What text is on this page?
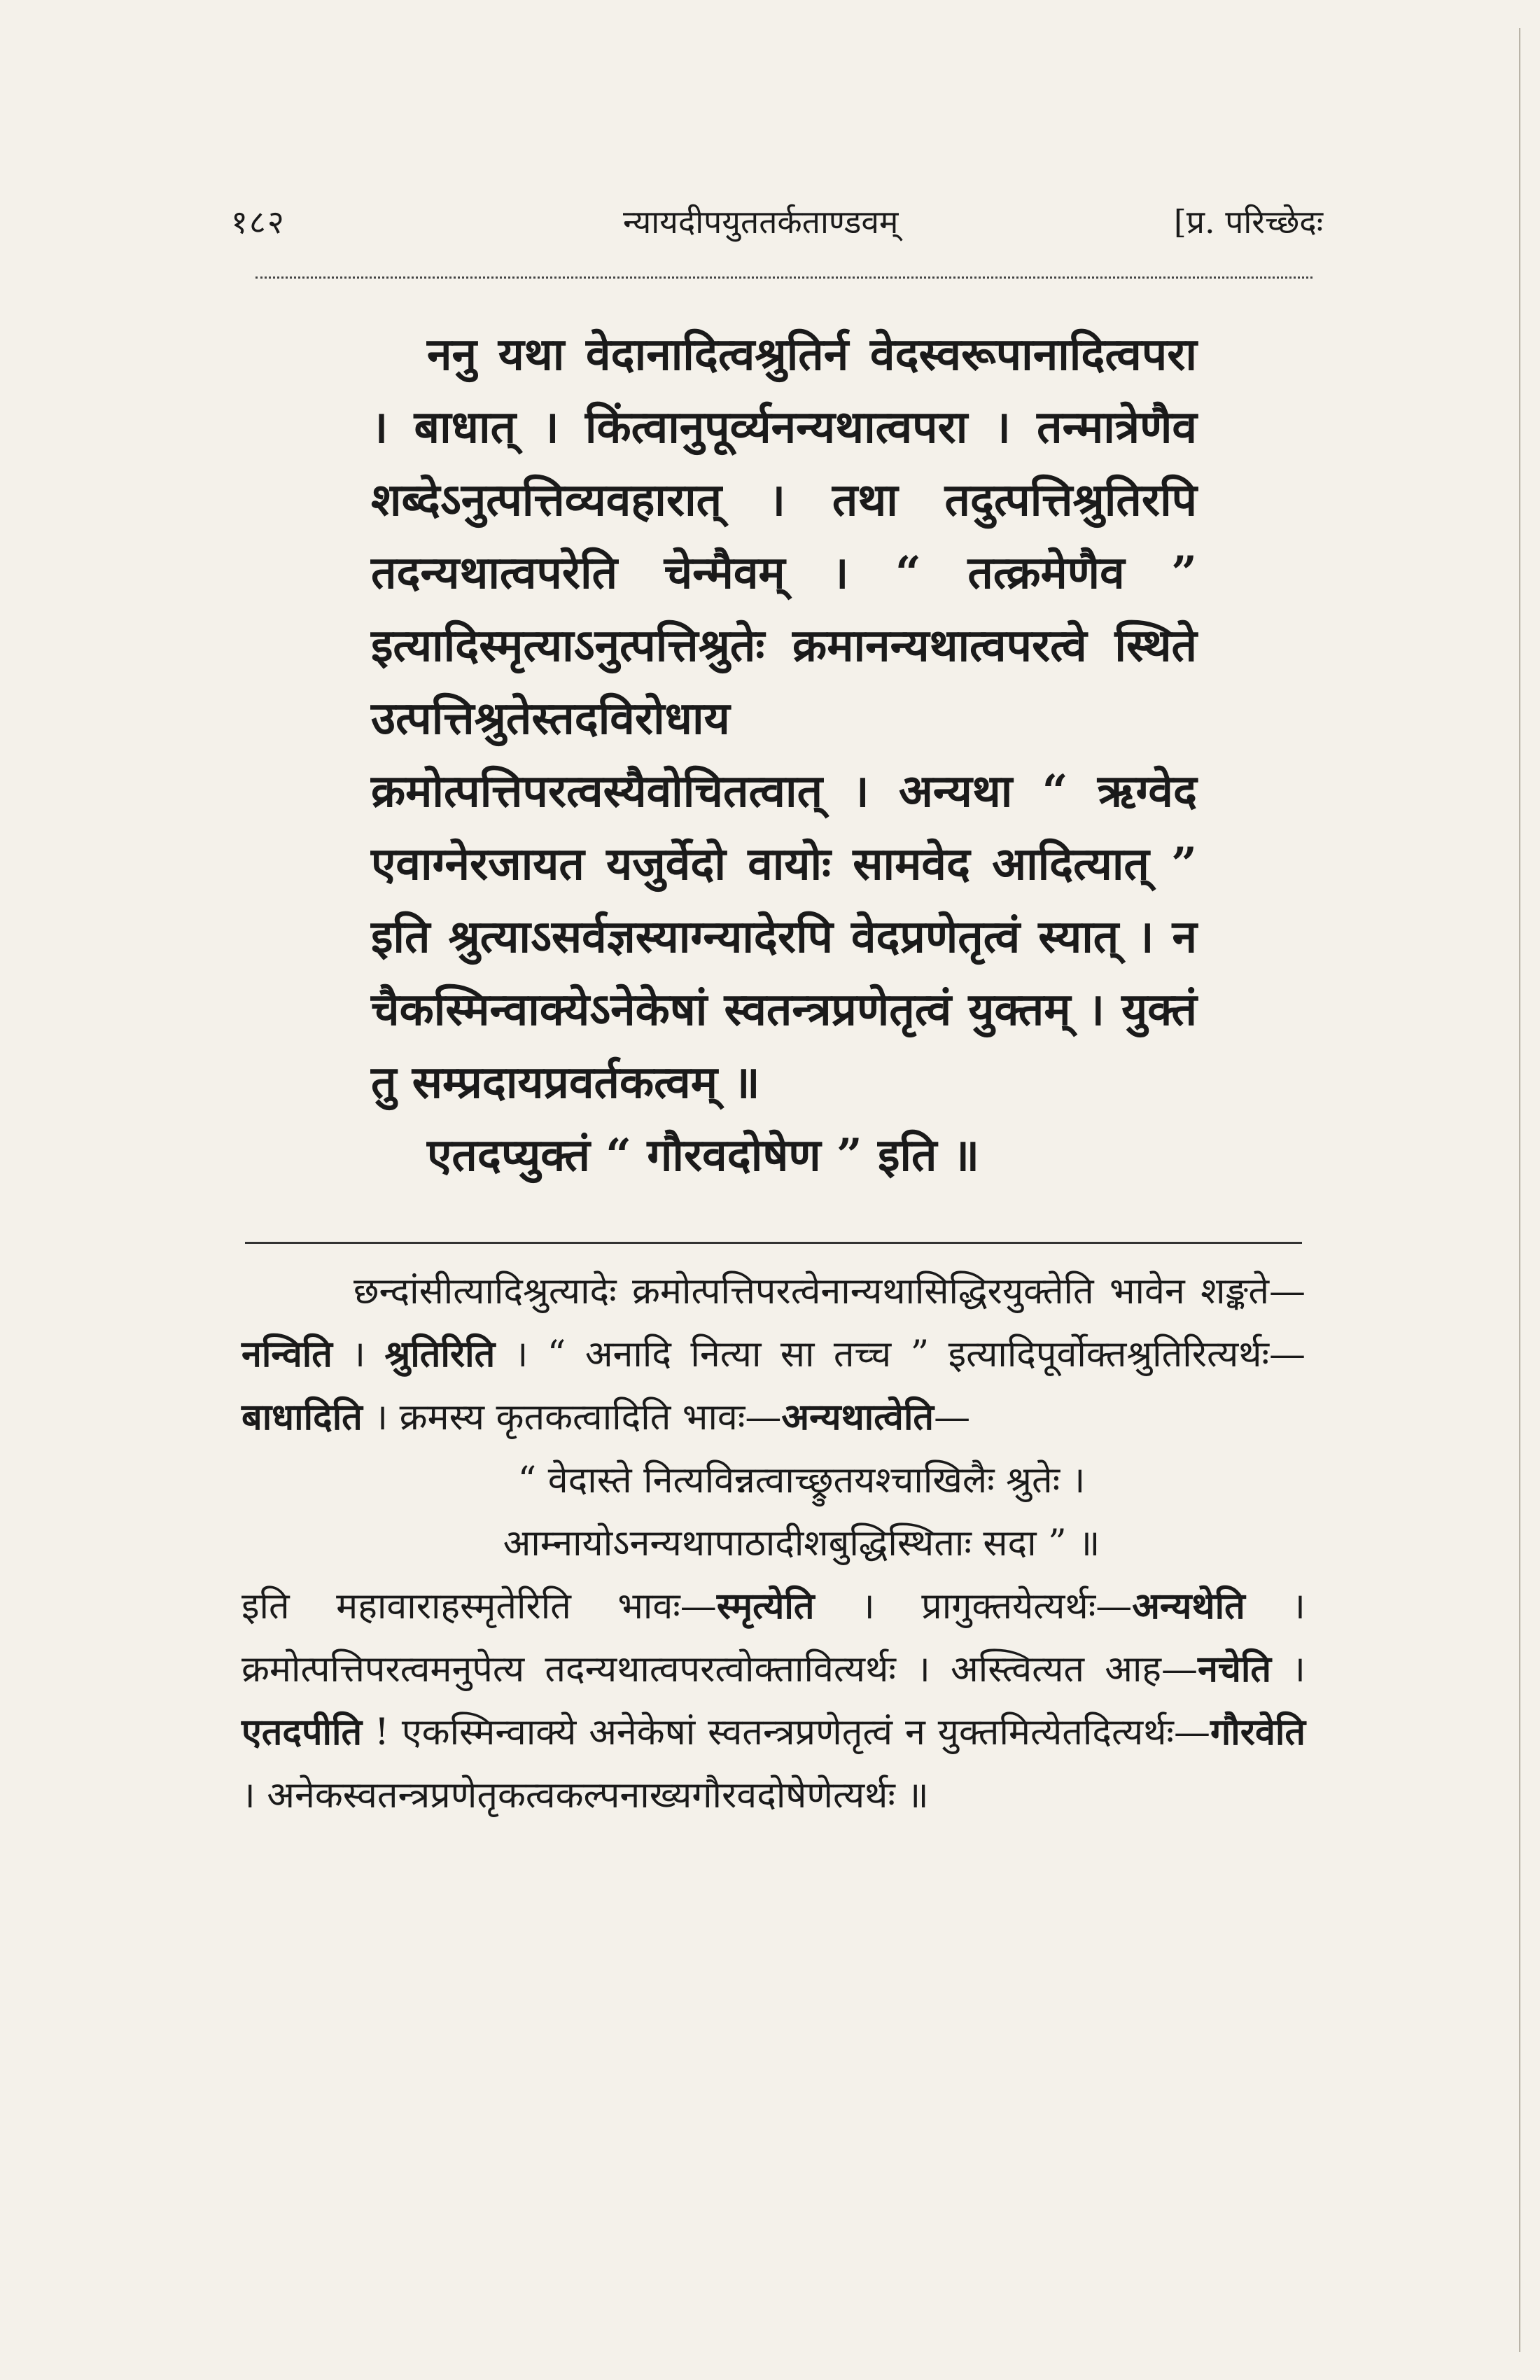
१८२	न्यायदीपयुततर्कताण्डवम्	[प्र. परिच्छेदः

ननु यथा वेदानादित्वश्रुतिर्न वेदस्वरूपानादित्वपरा । बाधात् । किंत्वानुपूर्व्यनन्यथात्वपरा । तन्मात्रेणैव शब्देऽनुत्पत्तिव्यवहारात् । तथा तदुत्पत्तिश्रुतिरपि तदन्यथात्वपरेति चेन्मैवम् । “ तत्क्रमेणैव ” इत्यादिस्मृत्याऽनुत्पत्तिश्रुतेः क्रमानन्यथात्वपरत्वे स्थिते उत्पत्तिश्रुतेस्तदविरोधाय क्रमोत्पत्तिपरत्वस्यैवोचितत्वात् । अन्यथा “ ऋग्वेद एवाग्नेरजायत यजुर्वेदो वायोः सामवेद आदित्यात् ” इति श्रुत्याऽसर्वज्ञस्याग्न्यादेरपि वेदप्रणेतृत्वं स्यात् । न चैकस्मिन्वाक्येऽनेकेषां स्वतन्त्रप्रणेतृत्वं युक्तम् । युक्तं तु सम्प्रदायप्रवर्तकत्वम् ॥

एतदप्युक्तं “ गौरवदोषेण ” इति ॥

छन्दांसीत्यादिश्रुत्यादेः क्रमोत्पत्तिपरत्वेनान्यथासिद्धिरयुक्तेति भावेन शङ्कते—नन्विति । श्रुतिरिति । “ अनादि नित्या सा तच्च ” इत्यादिपूर्वोक्तश्रुतिरित्यर्थः—बाधादिति । क्रमस्य कृतकत्वादिति भावः—अन्यथात्वेति—

“ वेदास्ते नित्यविन्नत्वाच्छ्रुतयश्चाखिलैः श्रुतेः ।

आम्नायोऽनन्यथापाठादीशबुद्धिस्थिताः सदा ” ॥

इति महावाराहस्मृतेरिति भावः—स्मृत्येति । प्रागुक्तयेत्यर्थः—अन्यथेति । क्रमोत्पत्तिपरत्वमनुपेत्य तदन्यथात्वपरत्वोक्तावित्यर्थः । अस्त्वित्यत आह—नचेति । एतदपीति ! एकस्मिन्वाक्ये अनेकेषां स्वतन्त्रप्रणेतृत्वं न युक्तमित्येतदित्यर्थः—गौरवेति । अनेकस्वतन्त्रप्रणेतृकत्वकल्पनाख्यगौरवदोषेणेत्यर्थः ॥
